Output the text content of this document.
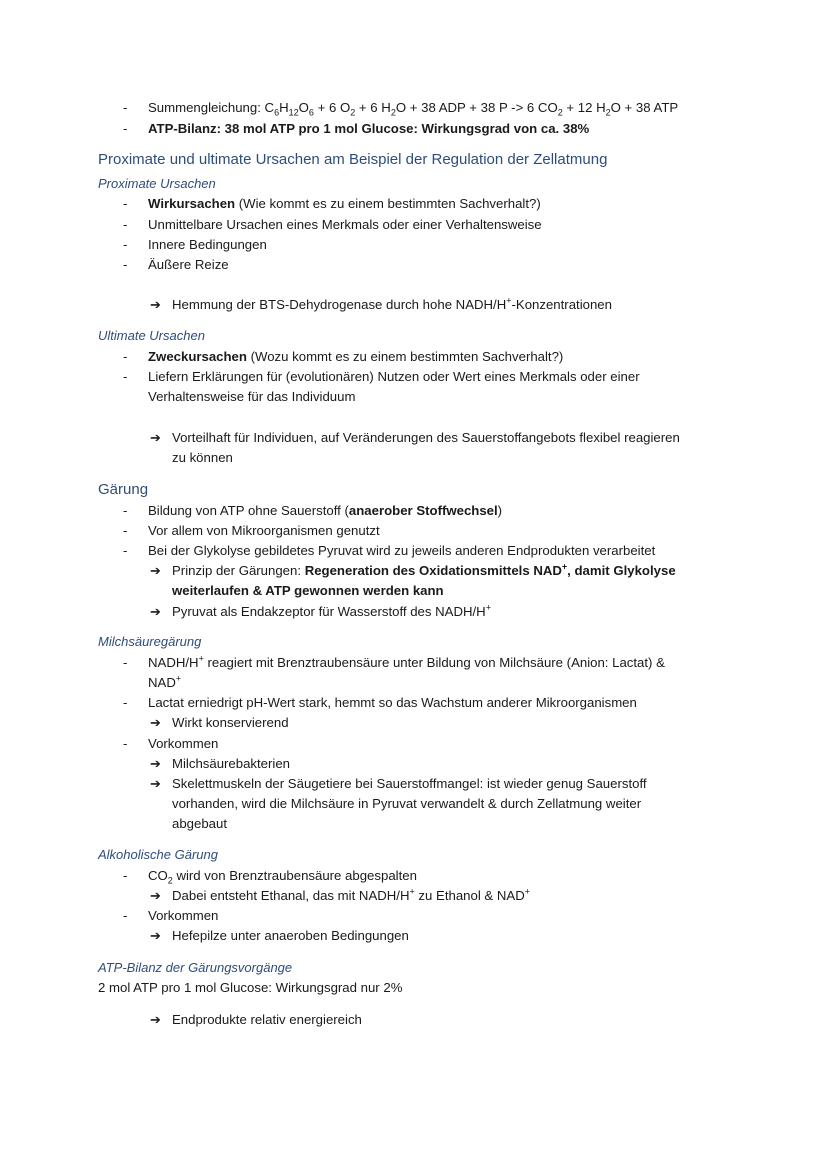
- Summengleichung: $C_6H_{12}O_6 + 6$ $O_2 + 6$ $H_2O + 38$ ADP + 38 P -> 6 $CO_2 + 12$ $H_2O + 38$ ATP
- ATP-Bilanz: 38 mol ATP pro 1 mol Glucose: Wirkungsgrad von ca. 38%
Proximate und ultimate Ursachen am Beispiel der Regulation der Zellatmung
Proximate Ursachen
- Wirkursachen (Wie kommt es zu einem bestimmten Sachverhalt?)
- Unmittelbare Ursachen eines Merkmals oder einer Verhaltensweise
- Innere Bedingungen
- Äußere Reize
➔ Hemmung der BTS-Dehydrogenase durch hohe NADH/H+-Konzentrationen
Ultimate Ursachen
- Zweckursachen (Wozu kommt es zu einem bestimmten Sachverhalt?)
- Liefern Erklärungen für (evolutionären) Nutzen oder Wert eines Merkmals oder einer
Verhaltensweise für das Individuum
➔ Vorteilhaft für Individuen, auf Veränderungen des Sauerstoffangebots flexibel reagieren
zu können
Gärung
- Bildung von ATP ohne Sauerstoff (anaerober Stoffwechsel)
- Vor allem von Mikroorganismen genutzt
- Bei der Glykolyse gebildetes Pyruvat wird zu jeweils anderen Endprodukten verarbeitet
➔ Prinzip der Gärungen: Regeneration des Oxidationsmittels NAD+, damit Glykolyse
weiterlaufen & ATP gewonnen werden kann
➔ Pyruvat als Endakzeptor für Wasserstoff des NADH/H+
Milchsäuregärung
- NADH/H+ reagiert mit Brenztraubensäure unter Bildung von Milchsäure (Anion: Lactat) &
NAD+
- Lactat erniedrigt pH-Wert stark, hemmt so das Wachstum anderer Mikroorganismen
➔ Wirkt konservierend
- Vorkommen
➔ Milchsäurebakterien
➔ Skelettmuskeln der Säugetiere bei Sauerstoffmangel: ist wieder genug Sauerstoff
vorhanden, wird die Milchsäure in Pyruvat verwandelt & durch Zellatmung weiter
abgebaut
Alkoholische Gärung
- $CO_2$ wird von Brenztraubensäure abgespalten
➔ Dabei entsteht Ethanal, das mit NADH/H+ zu Ethanol & NAD+
- Vorkommen
➔ Hefepilze unter anaeroben Bedingungen
ATP-Bilanz der Gärungsvorgänge
2 mol ATP pro 1 mol Glucose: Wirkungsgrad nur 2%
➔ Endprodukte relativ energiereich
